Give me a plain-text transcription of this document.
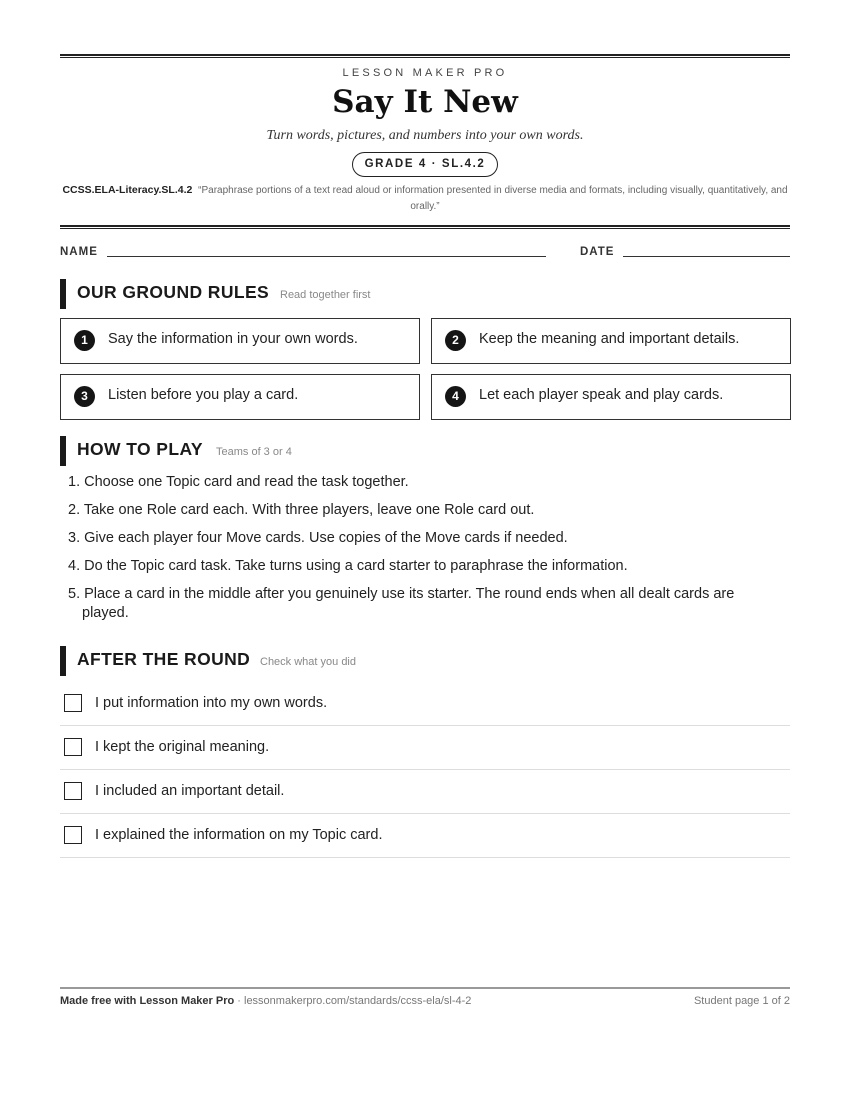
LESSON MAKER PRO
Say It New
Turn words, pictures, and numbers into your own words.
GRADE 4 · SL.4.2
CCSS.ELA-Literacy.SL.4.2 “Paraphrase portions of a text read aloud or information presented in diverse media and formats, including visually, quantitatively, and orally.”
NAME	DATE
OUR GROUND RULES Read together first
1	Say the information in your own words.	2	Keep the meaning and important details.
3	Listen before you play a card.	4	Let each player speak and play cards.
HOW TO PLAY Teams of 3 or 4
1. Choose one Topic card and read the task together.
2. Take one Role card each. With three players, leave one Role card out.
3. Give each player four Move cards. Use copies of the Move cards if needed.
4. Do the Topic card task. Take turns using a card starter to paraphrase the information.
5. Place a card in the middle after you genuinely use its starter. The round ends when all dealt cards are played.
AFTER THE ROUND Check what you did
I put information into my own words.
I kept the original meaning.
I included an important detail.
I explained the information on my Topic card.
Made free with Lesson Maker Pro · lessonmakerpro.com/standards/ccss-ela/sl-4-2	Student page 1 of 2
